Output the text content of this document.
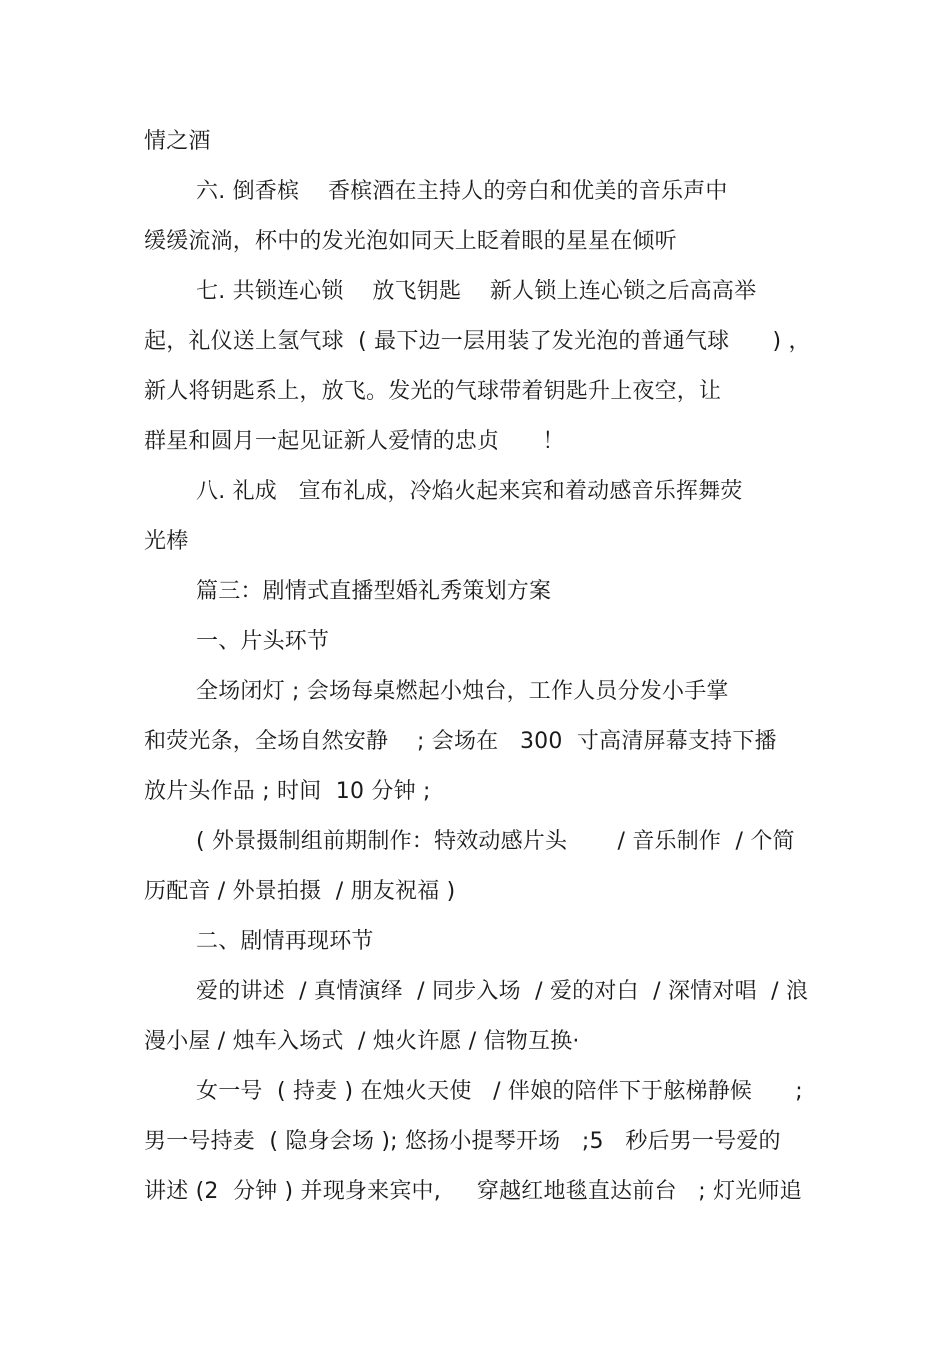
情之酒
六. 倒香槟    香槟酒在主持人的旁白和优美的音乐声中
缓缓流淌，杯中的发光泡如同天上眨着眼的星星在倾听
七. 共锁连心锁    放飞钥匙    新人锁上连心锁之后高高举
起，礼仪送上氢气球  ( 最下边一层用装了发光泡的普通气球      ) ，
新人将钥匙系上，放飞。发光的气球带着钥匙升上夜空，让
群星和圆月一起见证新人爱情的忠贞      ！
八. 礼成   宣布礼成，冷焰火起来宾和着动感音乐挥舞荧
光棒
篇三：剧情式直播型婚礼秀策划方案
一、片头环节
全场闭灯 ; 会场每桌燃起小烛台，工作人员分发小手掌
和荧光条，全场自然安静    ; 会场在   300  寸高清屏幕支持下播
放片头作品 ; 时间  10 分钟 ;
( 外景摄制组前期制作：特效动感片头       / 音乐制作  / 个简
历配音 / 外景拍摄  / 朋友祝福 )
二、剧情再现环节
爱的讲述  / 真情演绎  / 同步入场  / 爱的对白  / 深情对唱  / 浪
漫小屋 / 烛车入场式  / 烛火许愿 / 信物互换·
女一号  ( 持麦 ) 在烛火天使   / 伴娘的陪伴下于舷梯静候      ;
男一号持麦  ( 隐身会场 ); 悠扬小提琴开场   ;5   秒后男一号爱的
讲述 (2  分钟 ) 并现身来宾中,     穿越红地毯直达前台   ; 灯光师追
